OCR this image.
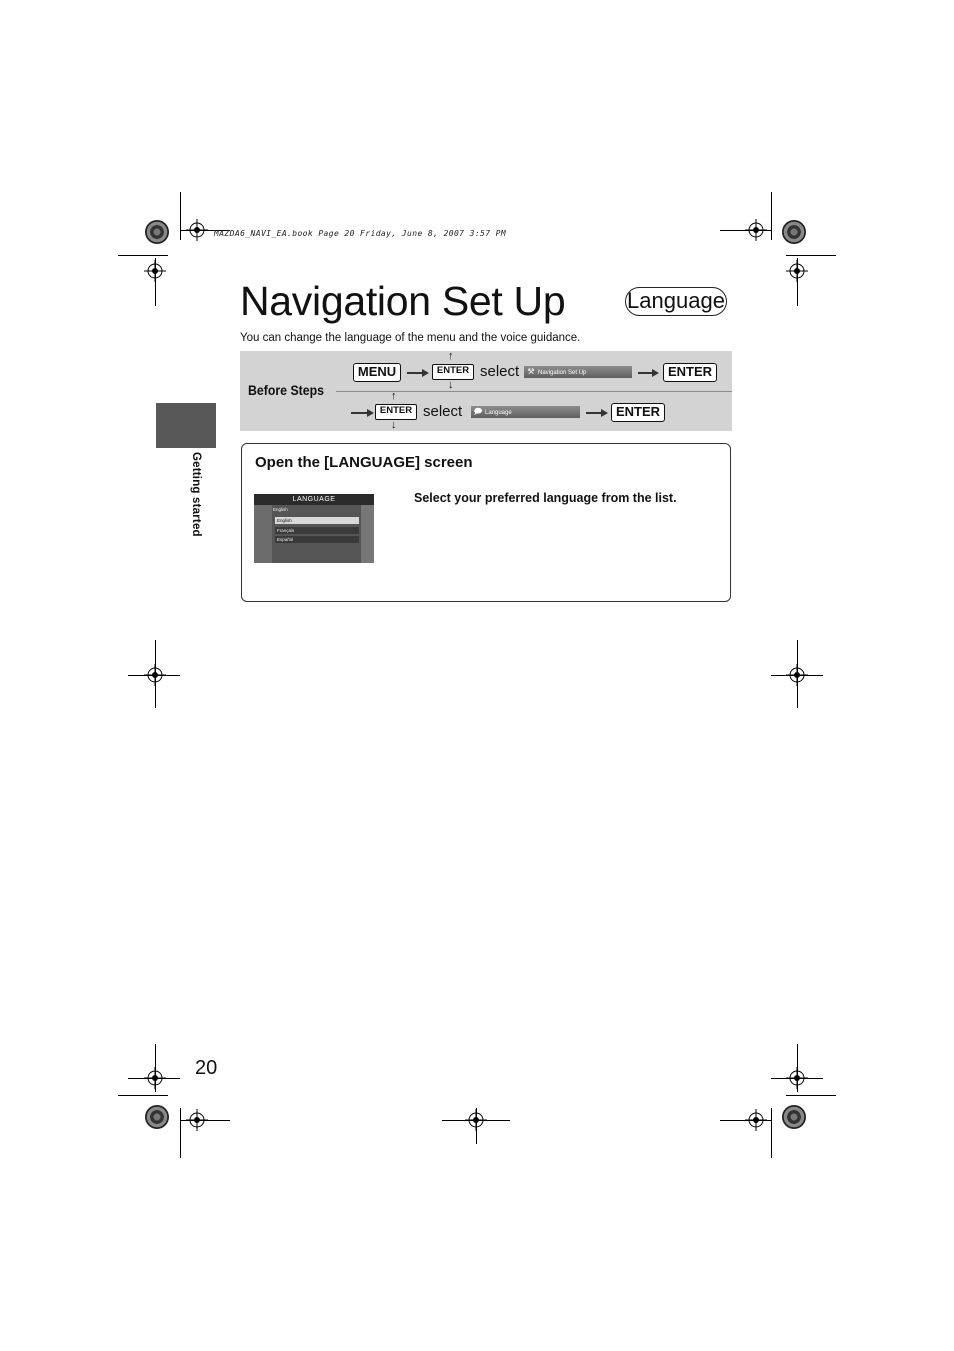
MAZDA6_NAVI_EA.book Page 20 Friday, June 8, 2007 3:57 PM
Navigation Set Up	Language
You can change the language of the menu and the voice guidance.
Before Steps
MENU
↑
ENTER
↓
select	⚒ Navigation Set Up	ENTER
↑
ENTER
↓
select	🗩 Language	ENTER
Getting started	Open the [LANGUAGE] screen
Select your preferred language from the list.
LANGUAGE
English
English
Français
Español
20
